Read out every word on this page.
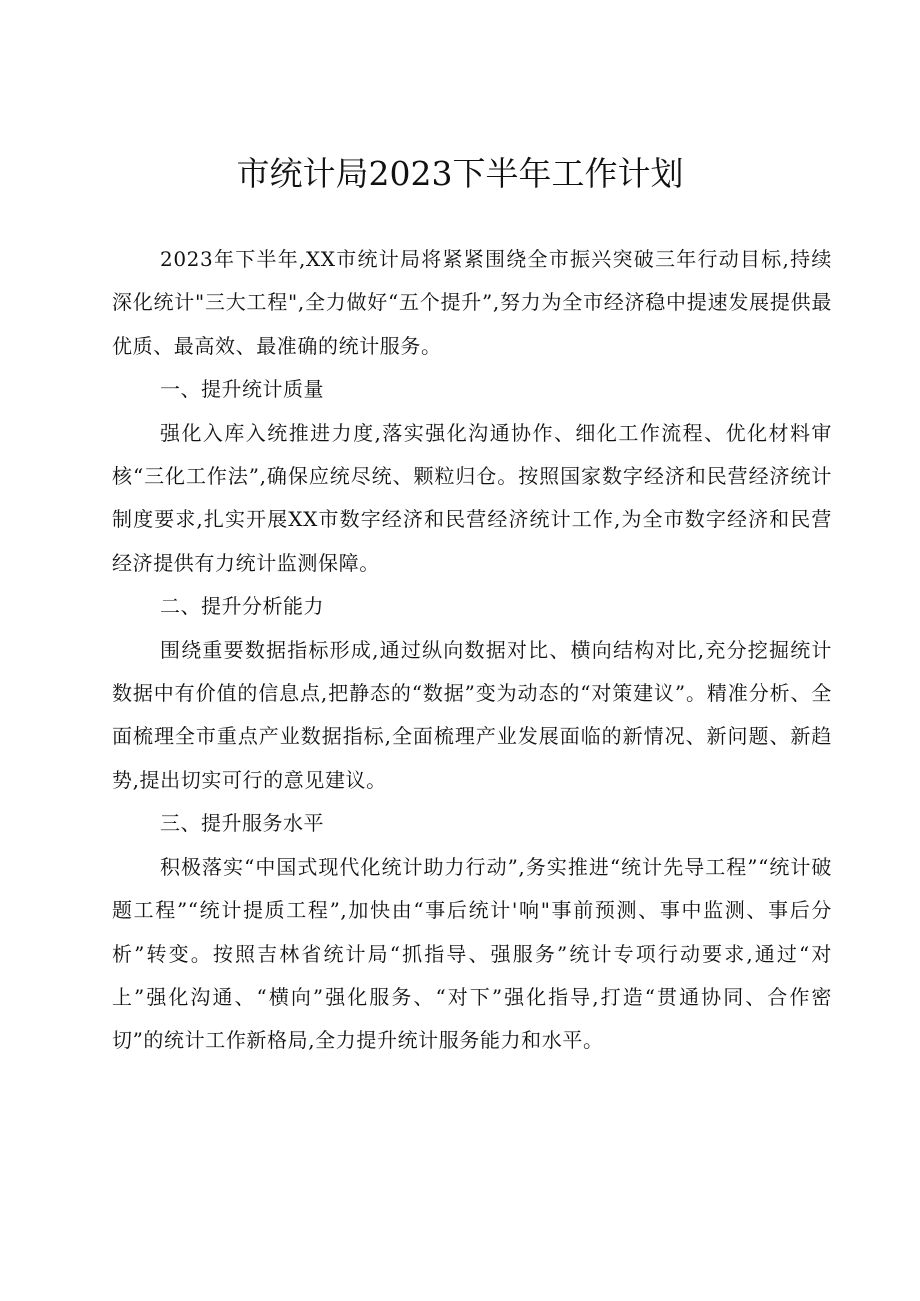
市统计局2023下半年工作计划

2023年下半年,XX市统计局将紧紧围绕全市振兴突破三年行动目标,持续深化统计"三大工程",全力做好“五个提升”,努力为全市经济稳中提速发展提供最优质、最高效、最准确的统计服务。

一、提升统计质量

强化入库入统推进力度,落实强化沟通协作、细化工作流程、优化材料审核“三化工作法”,确保应统尽统、颗粒归仓。按照国家数字经济和民营经济统计制度要求,扎实开展XX市数字经济和民营经济统计工作,为全市数字经济和民营经济提供有力统计监测保障。

二、提升分析能力

围绕重要数据指标形成,通过纵向数据对比、横向结构对比,充分挖掘统计数据中有价值的信息点,把静态的“数据”变为动态的“对策建议”。精准分析、全面梳理全市重点产业数据指标,全面梳理产业发展面临的新情况、新问题、新趋势,提出切实可行的意见建议。

三、提升服务水平

积极落实“中国式现代化统计助力行动”,务实推进“统计先导工程”“统计破题工程”“统计提质工程”,加快由“事后统计'响"事前预测、事中监测、事后分析”转变。按照吉林省统计局“抓指导、强服务”统计专项行动要求,通过“对上”强化沟通、“横向”强化服务、“对下”强化指导,打造“贯通协同、合作密切”的统计工作新格局,全力提升统计服务能力和水平。
